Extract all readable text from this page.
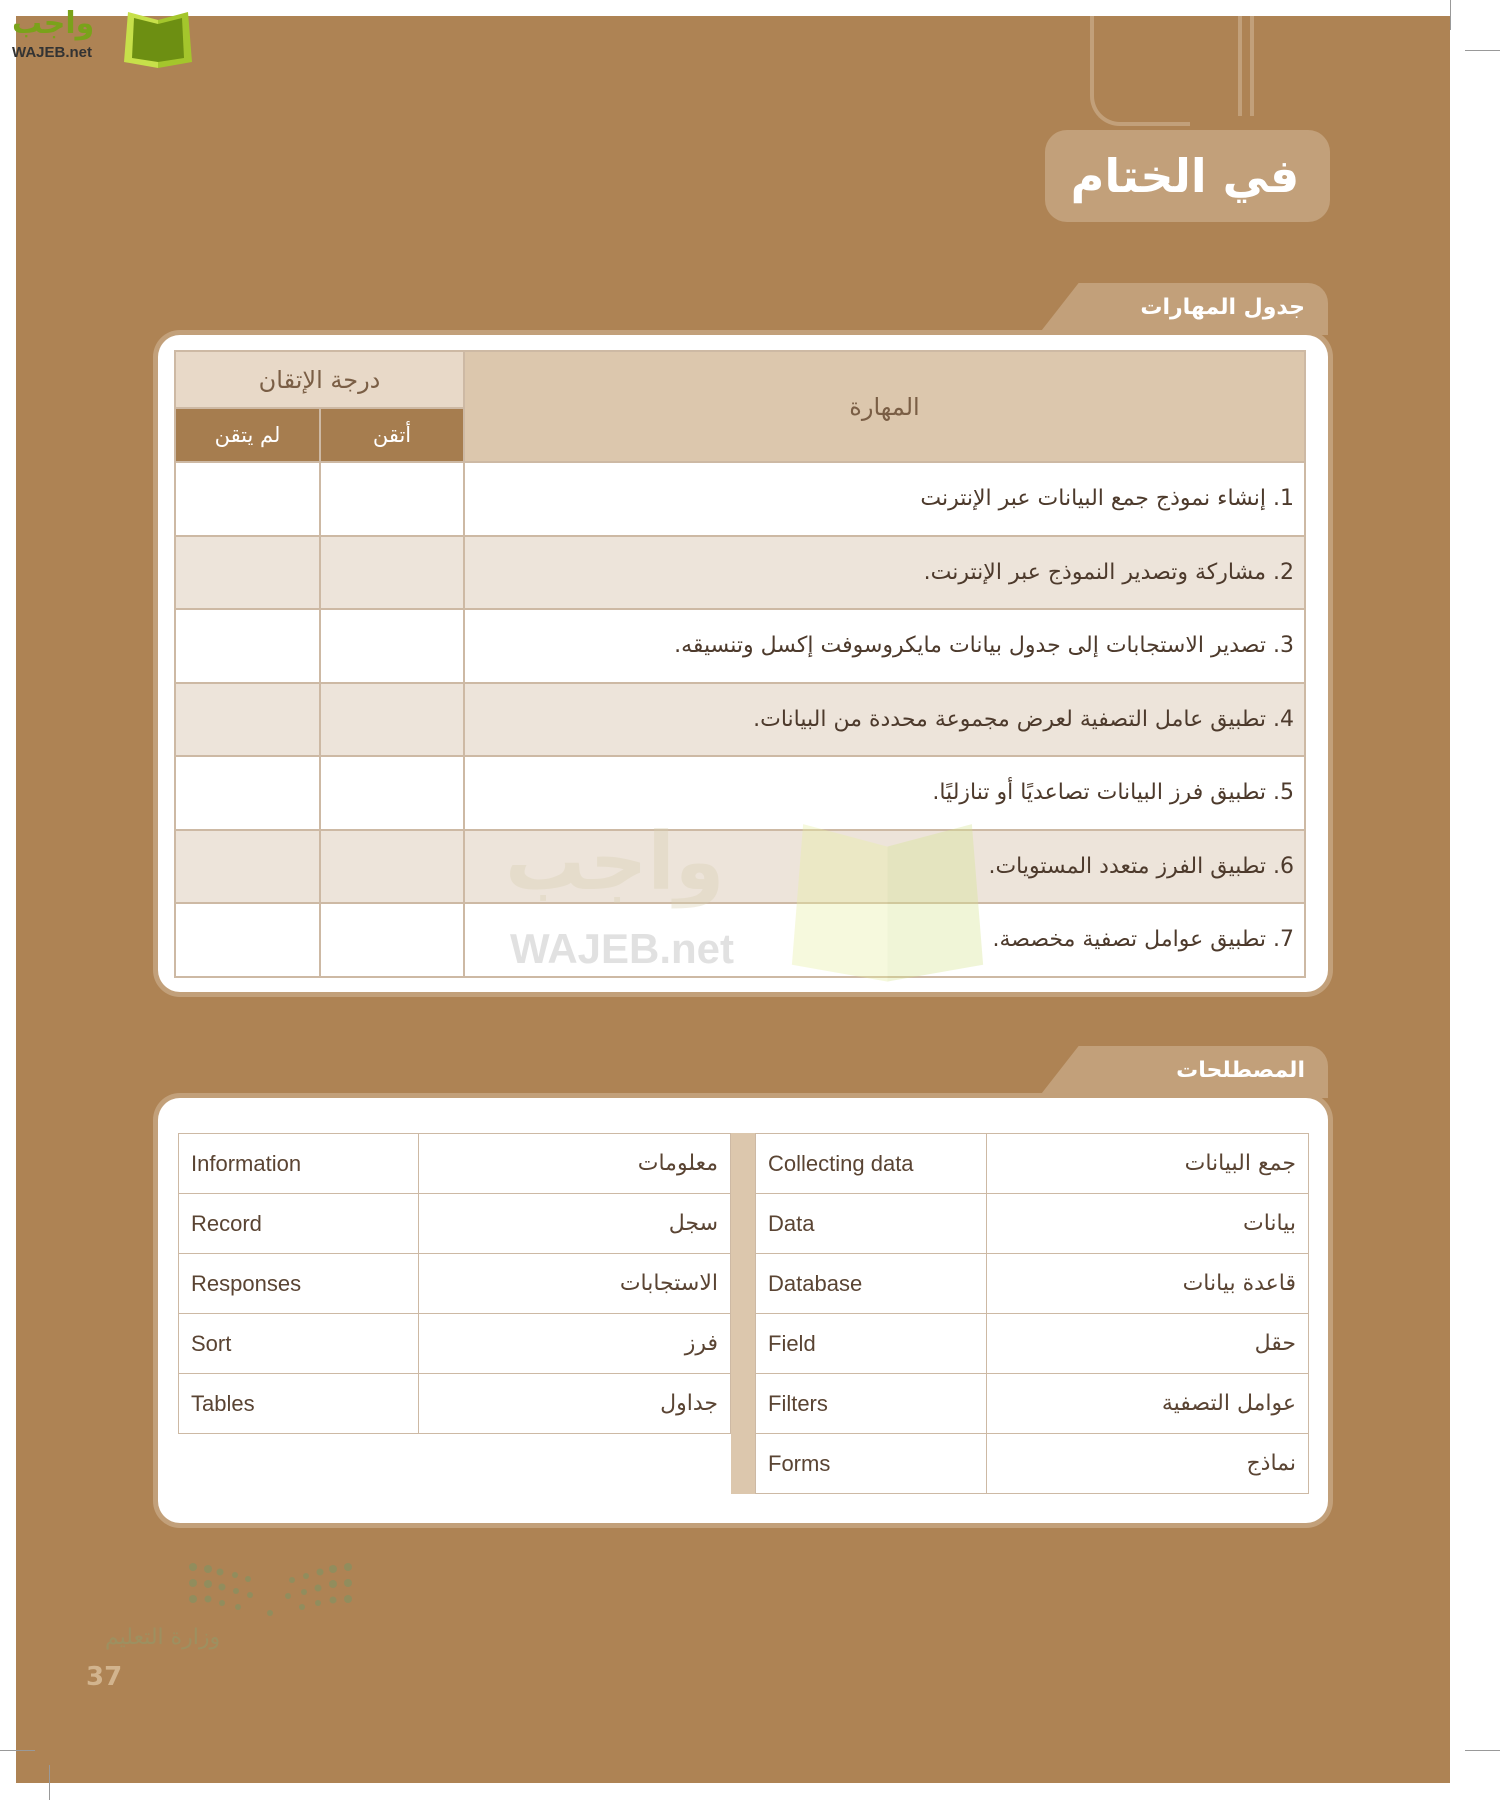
واجب
WAJEB.net
في الختام
جدول المهارات
درجة الإتقان		المهارة
لم يتقن	أتقن	
		1. إنشاء نموذج جمع البيانات عبر الإنترنت
		2. مشاركة وتصدير النموذج عبر الإنترنت.
		3. تصدير الاستجابات إلى جدول بيانات مايكروسوفت إكسل وتنسيقه.
		4. تطبيق عامل التصفية لعرض مجموعة محددة من البيانات.
		5. تطبيق فرز البيانات تصاعديًا أو تنازليًا.
		6. تطبيق الفرز متعدد المستويات.
		7. تطبيق عوامل تصفية مخصصة.
واجب
WAJEB.net
المصطلحات
Information	معلومات
Record	سجل
Responses	الاستجابات
Sort	فرز
Tables	جداول
Collecting data	جمع البيانات
Data	بيانات
Database	قاعدة بيانات
Field	حقل
Filters	عوامل التصفية
Forms	نماذج
وزارة التعليم
37
